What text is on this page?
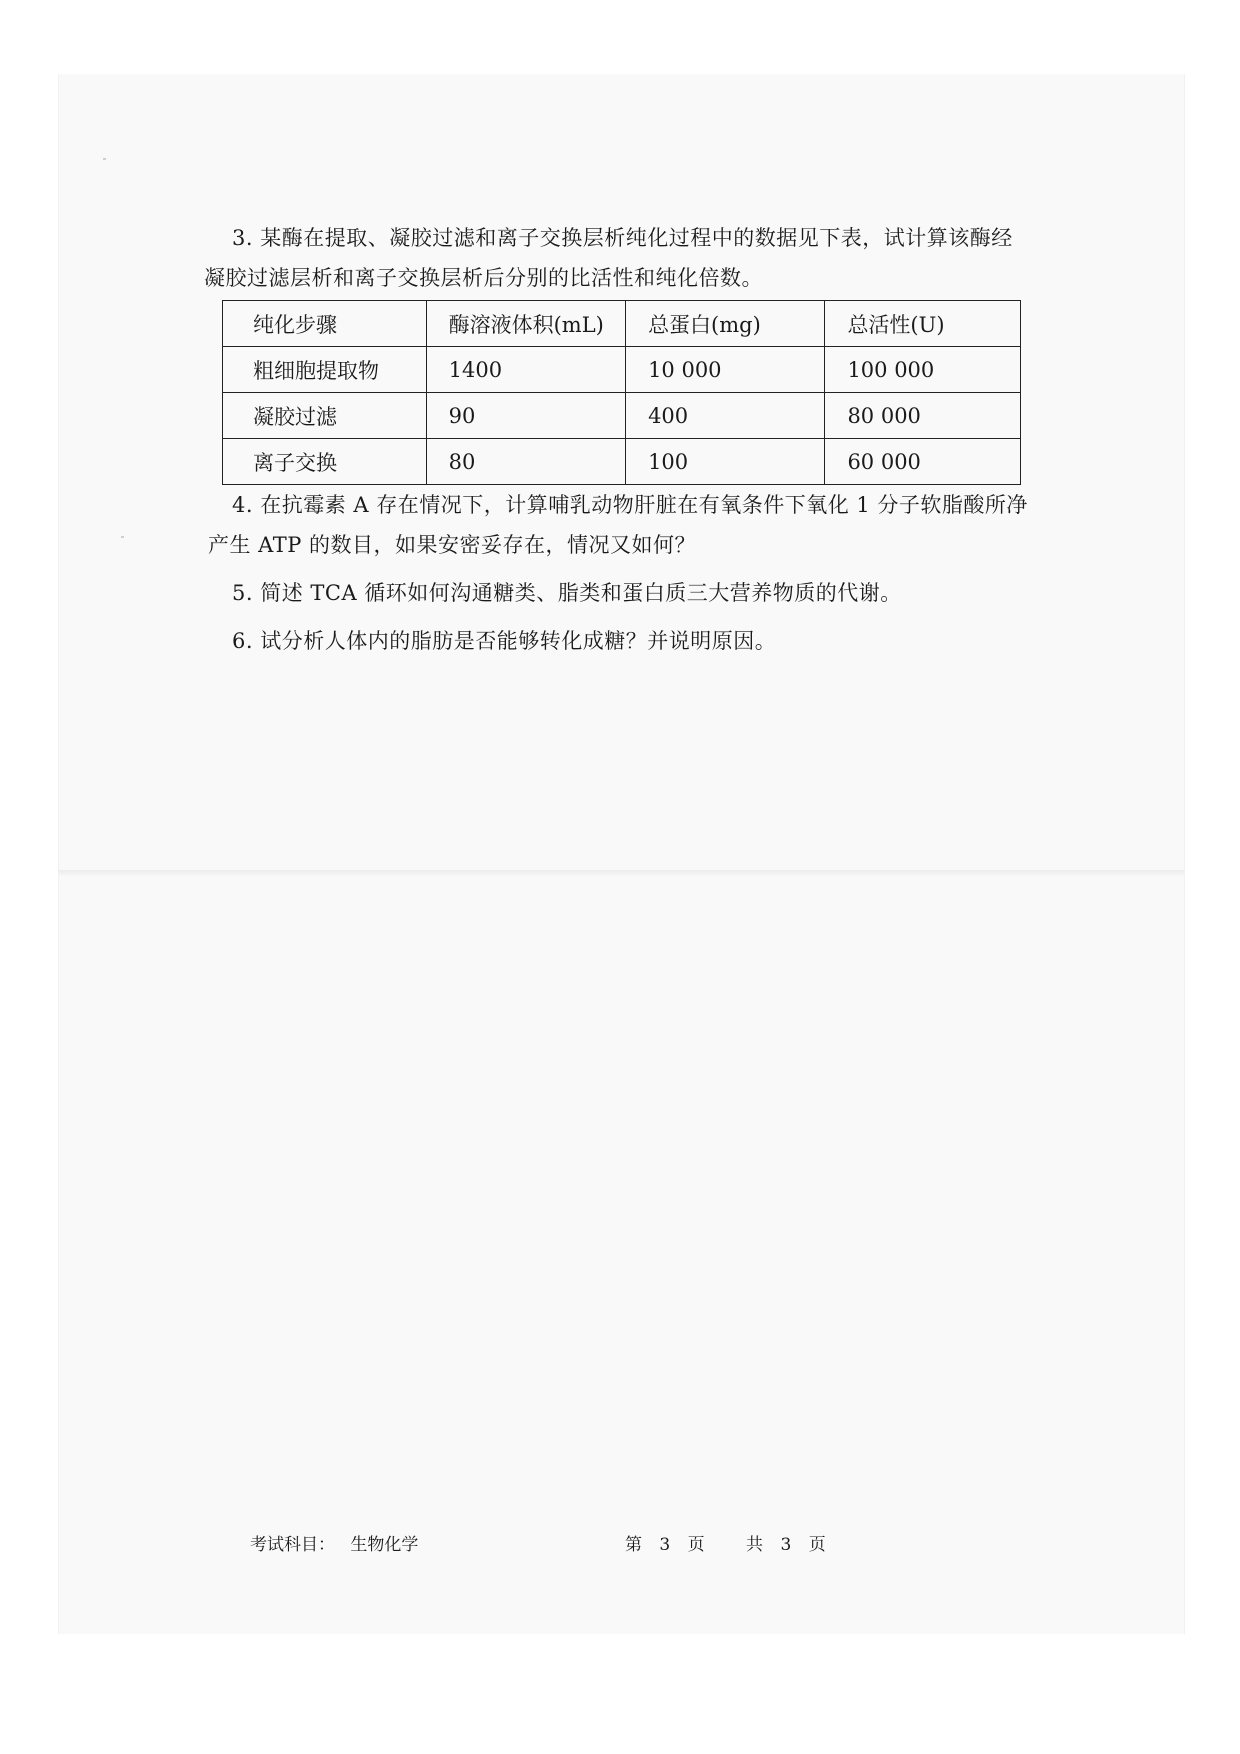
3. 某酶在提取、凝胶过滤和离子交换层析纯化过程中的数据见下表，试计算该酶经

凝胶过滤层析和离子交换层析后分别的比活性和纯化倍数。

纯化步骤	酶溶液体积(mL)	总蛋白(mg)	总活性(U)
粗细胞提取物	1400	10 000	100 000
凝胶过滤	90	400	80 000
离子交换	80	100	60 000

4. 在抗霉素 A 存在情况下，计算哺乳动物肝脏在有氧条件下氧化 1 分子软脂酸所净

产生 ATP 的数目，如果安密妥存在，情况又如何？

5. 简述 TCA 循环如何沟通糖类、脂类和蛋白质三大营养物质的代谢。

6. 试分析人体内的脂肪是否能够转化成糖？并说明原因。

考试科目： 生物化学	第 3 页 共 3 页
